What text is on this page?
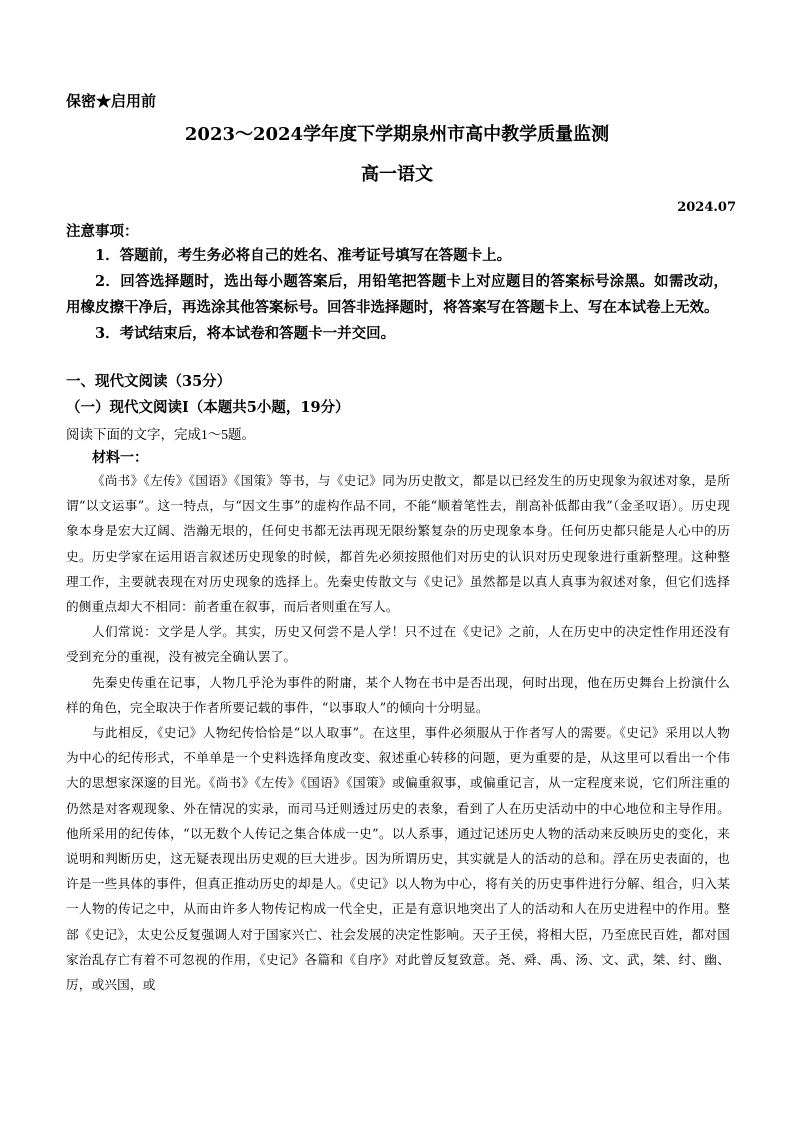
保密★启用前
2023～2024学年度下学期泉州市高中教学质量监测
高一语文
2024.07
注意事项：

1．答题前，考生务必将自己的姓名、准考证号填写在答题卡上。

2．回答选择题时，选出每小题答案后，用铅笔把答题卡上对应题目的答案标号涂黑。如需改动，用橡皮擦干净后，再选涂其他答案标号。回答非选择题时，将答案写在答题卡上、写在本试卷上无效。

3．考试结束后，将本试卷和答题卡一并交回。

一、现代文阅读（35分）
（一）现代文阅读Ⅰ（本题共5小题，19分）
阅读下面的文字，完成1～5题。
材料一：

《尚书》《左传》《国语》《国策》等书，与《史记》同为历史散文，都是以已经发生的历史现象为叙述对象，是所谓“以文运事”。这一特点，与“因文生事”的虚构作品不同，不能“顺着笔性去，削高补低都由我”（金圣叹语）。历史现象本身是宏大辽阔、浩瀚无垠的，任何史书都无法再现无限纷繁复杂的历史现象本身。任何历史都只能是人心中的历史。历史学家在运用语言叙述历史现象的时候，都首先必须按照他们对历史的认识对历史现象进行重新整理。这种整理工作，主要就表现在对历史现象的选择上。先秦史传散文与《史记》虽然都是以真人真事为叙述对象，但它们选择的侧重点却大不相同：前者重在叙事，而后者则重在写人。

人们常说：文学是人学。其实，历史又何尝不是人学！只不过在《史记》之前，人在历史中的决定性作用还没有受到充分的重视，没有被完全确认罢了。

先秦史传重在记事，人物几乎沦为事件的附庸，某个人物在书中是否出现，何时出现，他在历史舞台上扮演什么样的角色，完全取决于作者所要记载的事件，“以事取人”的倾向十分明显。

与此相反，《史记》人物纪传恰恰是“以人取事”。在这里，事件必须服从于作者写人的需要。《史记》采用以人物为中心的纪传形式，不单单是一个史料选择角度改变、叙述重心转移的问题，更为重要的是，从这里可以看出一个伟大的思想家深邃的目光。《尚书》《左传》《国语》《国策》或偏重叙事，或偏重记言，从一定程度来说，它们所注重的仍然是对客观现象、外在情况的实录，而司马迁则透过历史的表象，看到了人在历史活动中的中心地位和主导作用。他所采用的纪传体，“以无数个人传记之集合体成一史”。以人系事，通过记述历史人物的活动来反映历史的变化，来说明和判断历史，这无疑表现出历史观的巨大进步。因为所谓历史，其实就是人的活动的总和。浮在历史表面的，也许是一些具体的事件，但真正推动历史的却是人。《史记》以人物为中心，将有关的历史事件进行分解、组合，归入某一人物的传记之中，从而由许多人物传记构成一代全史，正是有意识地突出了人的活动和人在历史进程中的作用。整部《史记》，太史公反复强调人对于国家兴亡、社会发展的决定性影响。天子王侯，将相大臣，乃至庶民百姓，都对国家治乱存亡有着不可忽视的作用，《史记》各篇和《自序》对此曾反复致意。尧、舜、禹、汤、文、武，桀、纣、幽、厉，或兴国，或
